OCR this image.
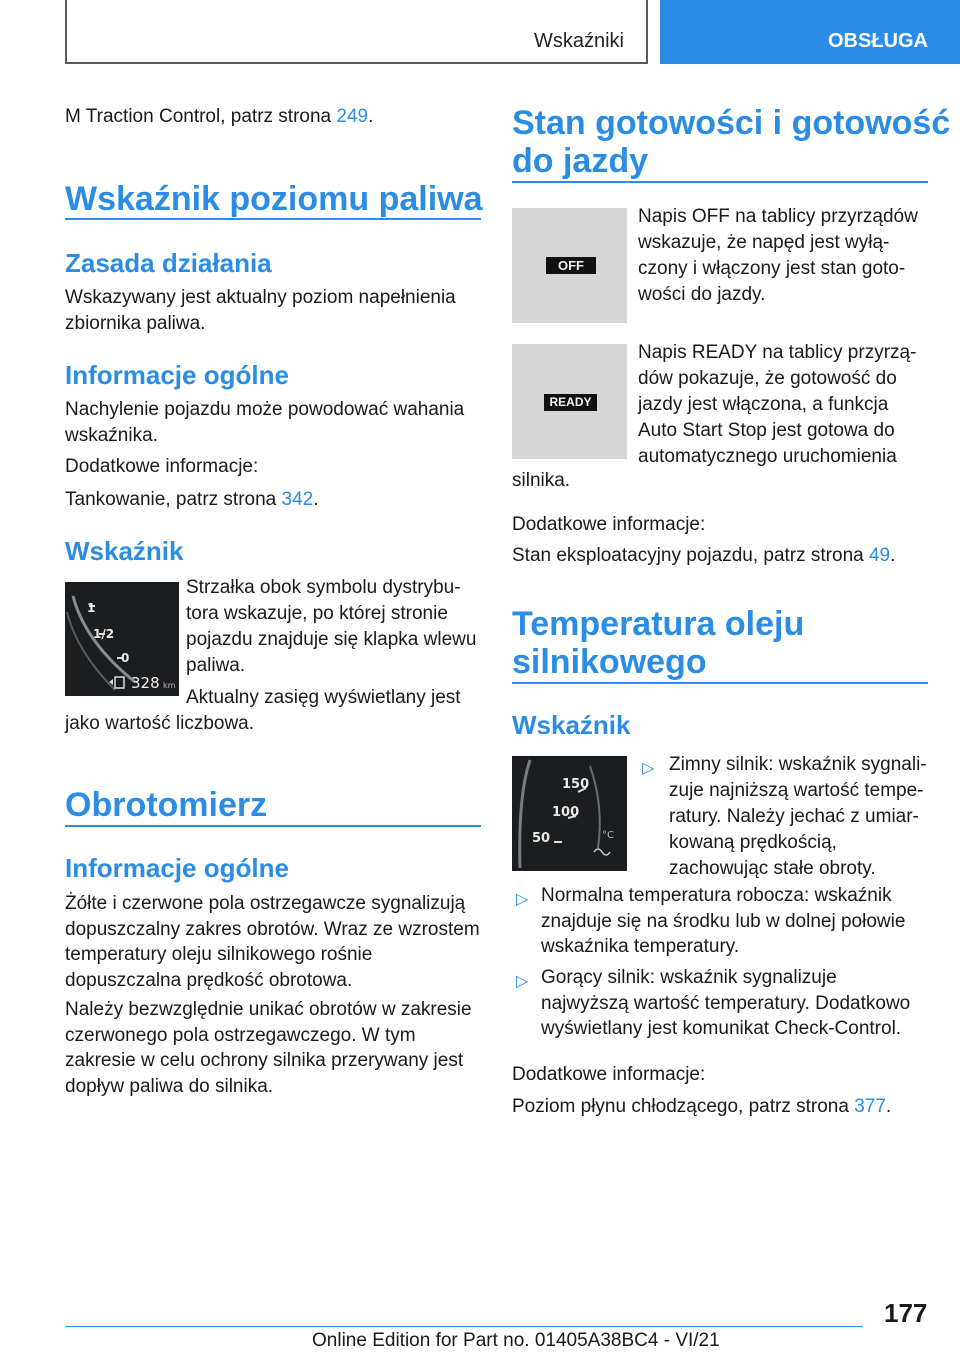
Wskaźniki	OBSŁUGA

M Traction Control, patrz strona 249.

Wskaźnik poziomu paliwa
Zasada działania

Wskazywany jest aktualny poziom napełnienia zbiornika paliwa.

Informacje ogólne

Nachylenie pojazdu może powodować wahania wskaźnika.

Dodatkowe informacje:

Tankowanie, patrz strona 342.

Wskaźnik
1
1/2
0
328 km

Strzałka obok symbolu dystrybu-

tora wskazuje, po której stronie

pojazdu znajduje się klapka wlewu

paliwa.

Aktualny zasięg wyświetlany jest

jako wartość liczbowa.

Obrotomierz
Informacje ogólne

Żółte i czerwone pola ostrzegawcze sygnalizują dopuszczalny zakres obrotów. Wraz ze wzrostem temperatury oleju silnikowego rośnie dopuszczalna prędkość obrotowa.

Należy bezwzględnie unikać obrotów w zakresie czerwonego pola ostrzegawczego. W tym zakresie w celu ochrony silnika przerywany jest dopływ paliwa do silnika.

Stan gotowości i gotowość
do jazdy
OFF

Napis OFF na tablicy przyrządów

wskazuje, że napęd jest wyłą-

czony i włączony jest stan goto-

wości do jazdy.

READY

Napis READY na tablicy przyrzą-

dów pokazuje, że gotowość do

jazdy jest włączona, a funkcja

Auto Start Stop jest gotowa do

automatycznego uruchomienia

silnika.

Dodatkowe informacje:

Stan eksploatacyjny pojazdu, patrz strona 49.

Temperatura oleju
silnikowego
Wskaźnik
150
100
50	°C
▷ Zimny silnik: wskaźnik sygnali-

zuje najniższą wartość tempe-

ratury. Należy jechać z umiar-

kowaną prędkością,

zachowując stałe obroty.

▷ Normalna temperatura robocza: wskaźnik znajduje się na środku lub w dolnej połowie wskaźnika temperatury.

▷ Gorący silnik: wskaźnik sygnalizuje najwyższą wartość temperatury. Dodatkowo wyświetlany jest komunikat Check-Control.

Dodatkowe informacje:

Poziom płynu chłodzącego, patrz strona 377.

177
Online Edition for Part no. 01405A38BC4 - VI/21
